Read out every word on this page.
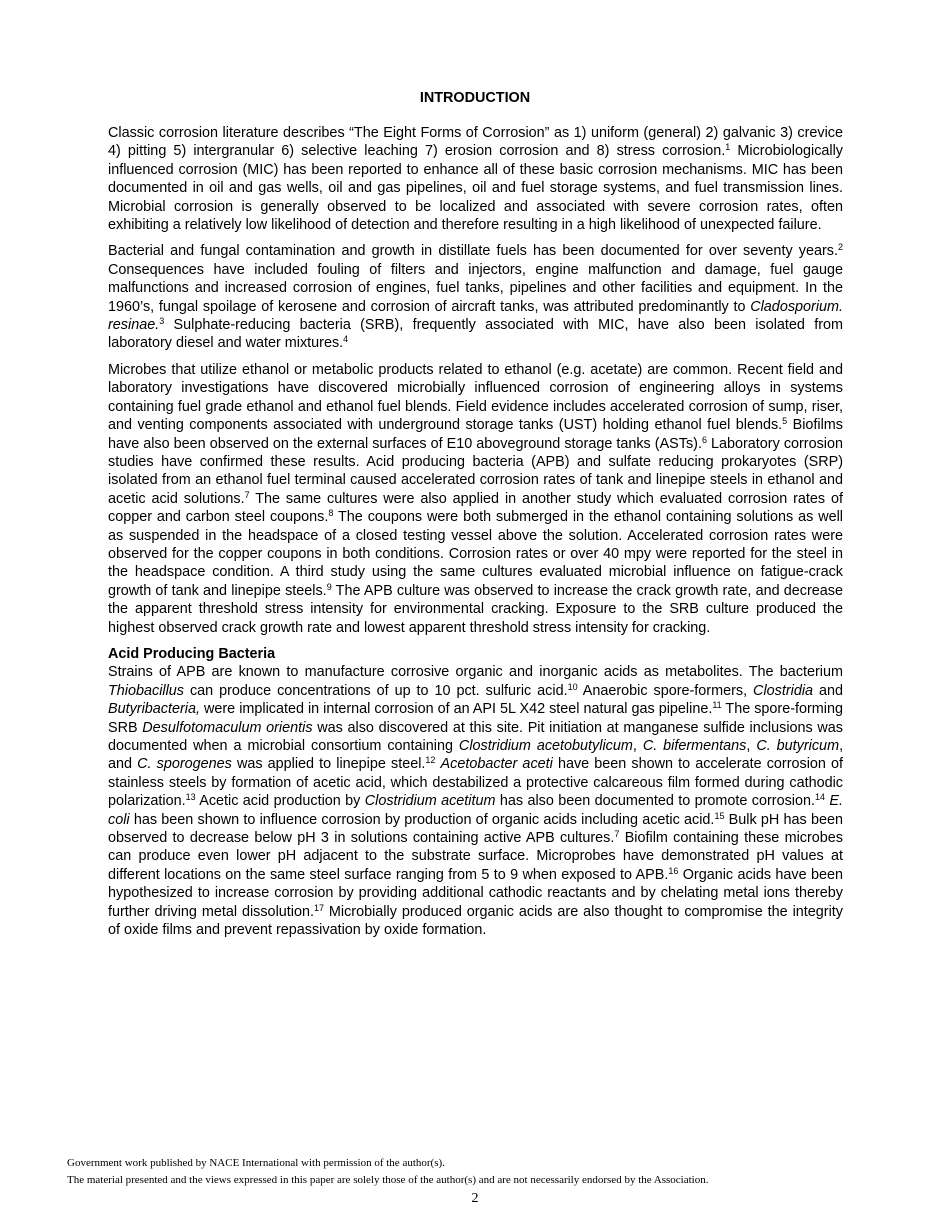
INTRODUCTION

Classic corrosion literature describes “The Eight Forms of Corrosion” as 1) uniform (general) 2) galvanic 3) crevice 4) pitting 5) intergranular 6) selective leaching 7) erosion corrosion and 8) stress corrosion.$^1$ Microbiologically influenced corrosion (MIC) has been reported to enhance all of these basic corrosion mechanisms. MIC has been documented in oil and gas wells, oil and gas pipelines, oil and fuel storage systems, and fuel transmission lines. Microbial corrosion is generally observed to be localized and associated with severe corrosion rates, often exhibiting a relatively low likelihood of detection and therefore resulting in a high likelihood of unexpected failure.

Bacterial and fungal contamination and growth in distillate fuels has been documented for over seventy years.$^2$ Consequences have included fouling of filters and injectors, engine malfunction and damage, fuel gauge malfunctions and increased corrosion of engines, fuel tanks, pipelines and other facilities and equipment. In the 1960’s, fungal spoilage of kerosene and corrosion of aircraft tanks, was attributed predominantly to Cladosporium. resinae.$^3$ Sulphate-reducing bacteria (SRB), frequently associated with MIC, have also been isolated from laboratory diesel and water mixtures.$^4$

Microbes that utilize ethanol or metabolic products related to ethanol (e.g. acetate) are common. Recent field and laboratory investigations have discovered microbially influenced corrosion of engineering alloys in systems containing fuel grade ethanol and ethanol fuel blends. Field evidence includes accelerated corrosion of sump, riser, and venting components associated with underground storage tanks (UST) holding ethanol fuel blends.$^5$ Biofilms have also been observed on the external surfaces of E10 aboveground storage tanks (ASTs).$^6$ Laboratory corrosion studies have confirmed these results. Acid producing bacteria (APB) and sulfate reducing prokaryotes (SRP) isolated from an ethanol fuel terminal caused accelerated corrosion rates of tank and linepipe steels in ethanol and acetic acid solutions.$^7$ The same cultures were also applied in another study which evaluated corrosion rates of copper and carbon steel coupons.$^8$ The coupons were both submerged in the ethanol containing solutions as well as suspended in the headspace of a closed testing vessel above the solution. Accelerated corrosion rates were observed for the copper coupons in both conditions. Corrosion rates or over 40 mpy were reported for the steel in the headspace condition. A third study using the same cultures evaluated microbial influence on fatigue-crack growth of tank and linepipe steels.$^9$ The APB culture was observed to increase the crack growth rate, and decrease the apparent threshold stress intensity for environmental cracking. Exposure to the SRB culture produced the highest observed crack growth rate and lowest apparent threshold stress intensity for cracking.

Acid Producing Bacteria

Strains of APB are known to manufacture corrosive organic and inorganic acids as metabolites. The bacterium Thiobacillus can produce concentrations of up to 10 pct. sulfuric acid.$^{10}$ Anaerobic spore-formers, Clostridia and Butyribacteria, were implicated in internal corrosion of an API 5L X42 steel natural gas pipeline.$^{11}$ The spore-forming SRB Desulfotomaculum orientis was also discovered at this site. Pit initiation at manganese sulfide inclusions was documented when a microbial consortium containing Clostridium acetobutylicum, C. bifermentans, C. butyricum, and C. sporogenes was applied to linepipe steel.$^{12}$ Acetobacter aceti have been shown to accelerate corrosion of stainless steels by formation of acetic acid, which destabilized a protective calcareous film formed during cathodic polarization.$^{13}$ Acetic acid production by Clostridium acetitum has also been documented to promote corrosion.$^{14}$ E. coli has been shown to influence corrosion by production of organic acids including acetic acid.$^{15}$ Bulk pH has been observed to decrease below pH 3 in solutions containing active APB cultures.$^7$ Biofilm containing these microbes can produce even lower pH adjacent to the substrate surface. Microprobes have demonstrated pH values at different locations on the same steel surface ranging from 5 to 9 when exposed to APB.$^{16}$ Organic acids have been hypothesized to increase corrosion by providing additional cathodic reactants and by chelating metal ions thereby further driving metal dissolution.$^{17}$ Microbially produced organic acids are also thought to compromise the integrity of oxide films and prevent repassivation by oxide formation.

Government work published by NACE International with permission of the author(s).

The material presented and the views expressed in this paper are solely those of the author(s) and are not necessarily endorsed by the Association.

2
